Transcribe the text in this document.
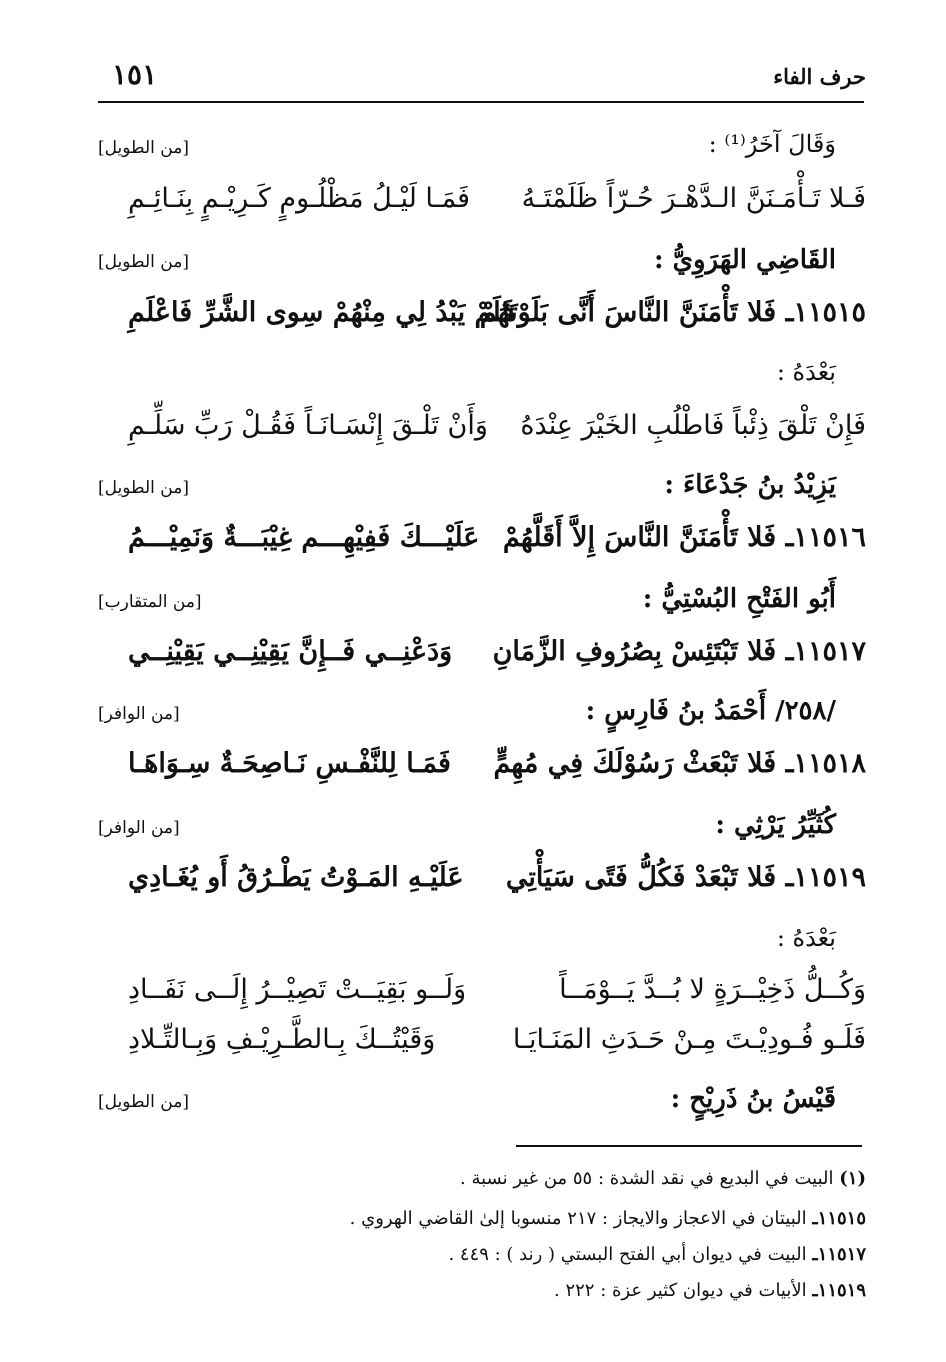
١٥١	حرف الفاء
وَقَالَ آخَرُ⁽¹⁾ :
[من الطويل]
فَـلا تَـأْمَـنَنَّ الـدَّهْـرَ حُـرّاً ظَلَمْتَـهُ
فَمَـا لَيْـلُ مَظْلُـومٍ كَـرِيْـمٍ بِنَـائِـمِ
القَاضِي الهَرَوِيُّ :
[من الطويل]
١١٥١٥ـ فَلا تَأْمَنَنَّ النَّاسَ أَنَّى بَلَوْتَهُمْ
فَلَمْ يَبْدُ لِي مِنْهُمْ سِوى الشَّرِّ فَاعْلَمِ
بَعْدَهُ :
فَإِنْ تَلْقَ ذِئْباً فَاطْلُبِ الخَيْرَ عِنْدَهُ
وَأَنْ تَلْـقَ إِنْسَـانَـاً فَقُـلْ رَبِّ سَلِّـمِ
يَزِيْدُ بنُ جَدْعَاءَ :
[من الطويل]
١١٥١٦ـ فَلا تَأْمَنَنَّ النَّاسَ إِلاَّ أَقَلَّهُمْ
عَلَيْـــكَ فَفِيْهِـــم غِيْبَـــةٌ وَنَمِيْـــمُ
أَبُو الفَتْحِ البُسْتِيُّ :
[من المتقارب]
١١٥١٧ـ فَلا تَبْتَئِسْ بِصُرُوفِ الزَّمَانِ
وَدَعْنِــي فَــإِنَّ يَقِيْنِــي يَقِيْنِــي
/٢٥٨/ أَحْمَدُ بنُ فَارِسٍ :
[من الوافر]
١١٥١٨ـ فَلا تَبْعَثْ رَسُوْلَكَ فِي مُهِمٍّ
فَمَـا لِلنَّفْـسِ نَـاصِحَـةٌ سِـوَاهَـا
كُثَيِّرُ يَرْثِي :
[من الوافر]
١١٥١٩ـ فَلا تَبْعَدْ فَكُلُّ فَتًى سَيَأْتِي
عَلَيْـهِ المَـوْتُ يَطْـرُقُ أَو يُغَـادِي
بَعْدَهُ :
وَكُــلُّ ذَخِيْــرَةٍ لا بُــدَّ يَــوْمَــاً
وَلَــو بَقِيَــتْ تَصِيْــرُ إِلَــى نَفَــادِ
فَلَـو فُـودِيْـتَ مِـنْ حَـدَثِ المَنَـايَـا
وَقَيْتُــكَ بِـالطَّـرِيْـفِ وَبِـالتِّـلادِ
قَيْسُ بنُ ذَرِيْحٍ :
[من الطويل]
(١) البيت في البديع في نقد الشدة : ٥٥ من غير نسبة .
١١٥١٥ـ البيتان في الاعجاز والايجاز : ٢١٧ منسوبا إلىٰ القاضي الهروي .
١١٥١٧ـ البيت في ديوان أبي الفتح البستي ( رند ) : ٤٤٩ .
١١٥١٩ـ الأبيات في ديوان كثير عزة : ٢٢٢ .
